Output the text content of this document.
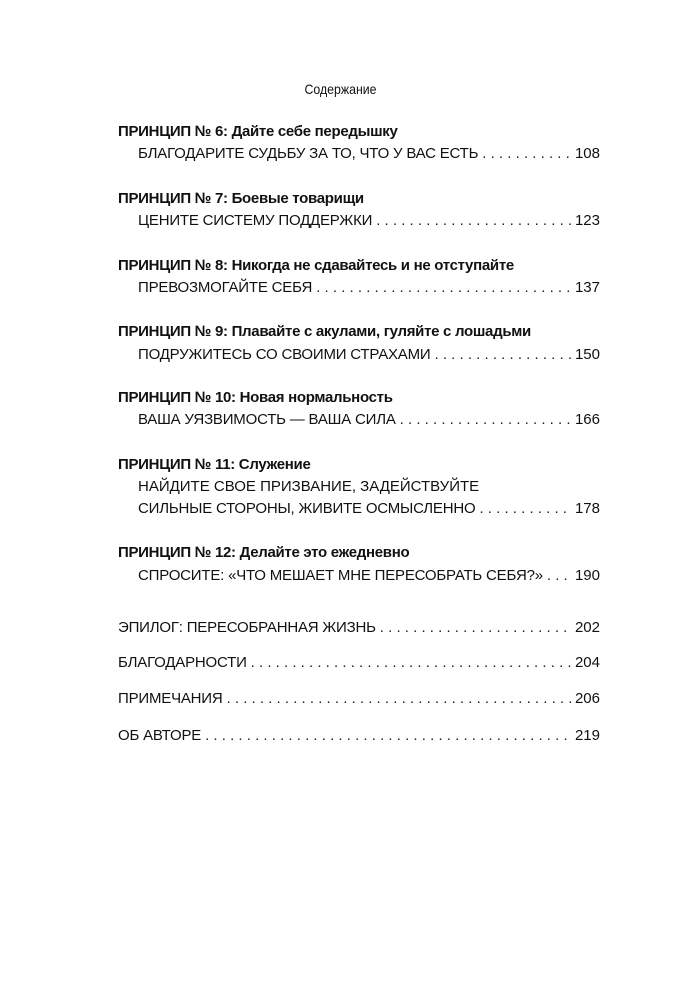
Содержание
ПРИНЦИП № 6: Дайте себе передышку
БЛАГОДАРИТЕ СУДЬБУ ЗА ТО, ЧТО У ВАС ЕСТЬ . . .	108
ПРИНЦИП № 7: Боевые товарищи
ЦЕНИТЕ СИСТЕМУ ПОДДЕРЖКИ . . .	123
ПРИНЦИП № 8: Никогда не сдавайтесь и не отступайте
ПРЕВОЗМОГАЙТЕ СЕБЯ . . .	137
ПРИНЦИП № 9: Плавайте с акулами, гуляйте с лошадьми
ПОДРУЖИТЕСЬ СО СВОИМИ СТРАХАМИ . . .	150
ПРИНЦИП № 10: Новая нормальность
ВАША УЯЗВИМОСТЬ — ВАША СИЛА . . .	166
ПРИНЦИП № 11: Служение
НАЙДИТЕ СВОЕ ПРИЗВАНИЕ, ЗАДЕЙСТВУЙТЕ
СИЛЬНЫЕ СТОРОНЫ, ЖИВИТЕ ОСМЫСЛЕННО . . .	178
ПРИНЦИП № 12: Делайте это ежедневно
СПРОСИТЕ: «ЧТО МЕШАЕТ МНЕ ПЕРЕСОБРАТЬ СЕБЯ?» . . . 190
ЭПИЛОГ: ПЕРЕСОБРАННАЯ ЖИЗНЬ . . .	202
БЛАГОДАРНОСТИ . . .	204
ПРИМЕЧАНИЯ . . .	206
ОБ АВТОРЕ . . .	219
